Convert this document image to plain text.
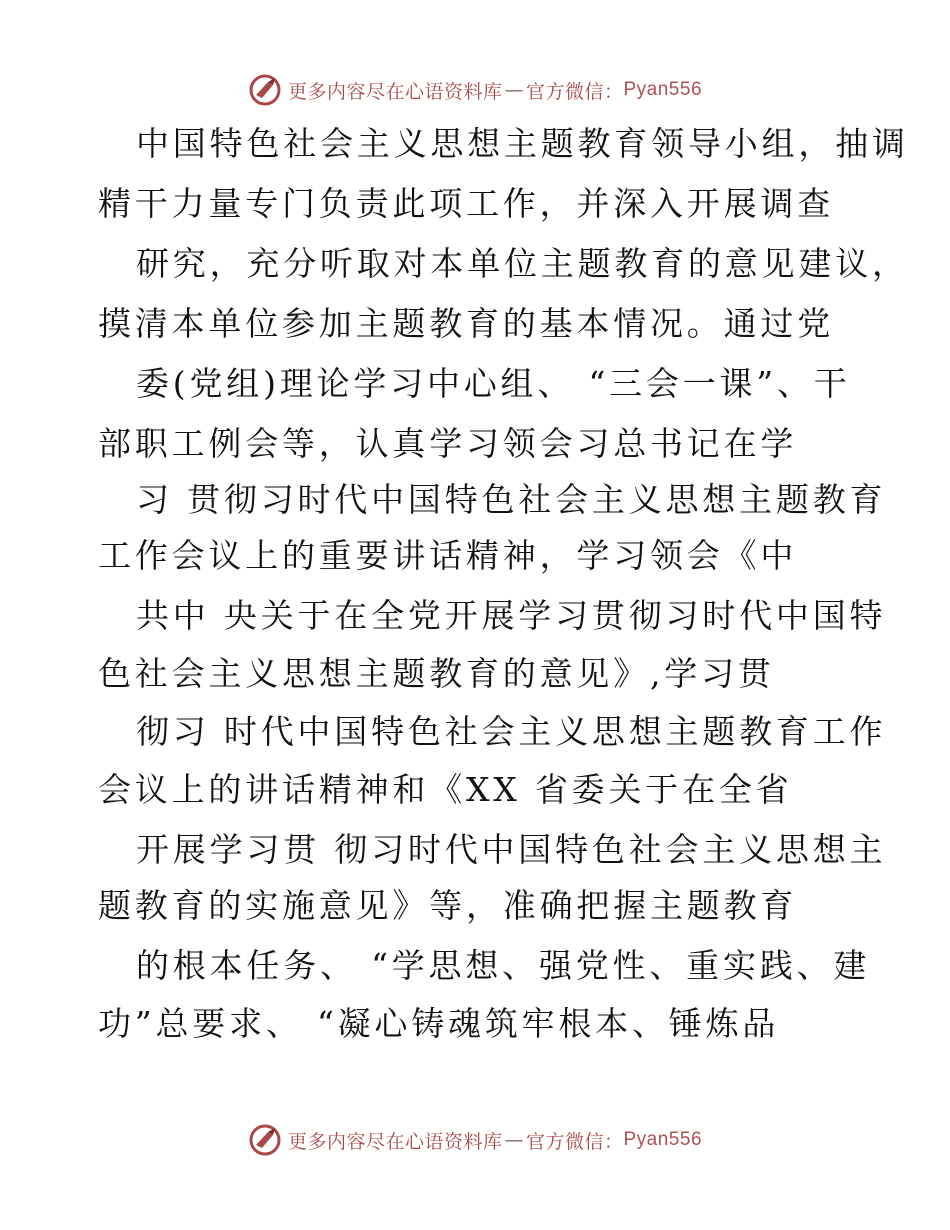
更多内容尽在心语资料库 — 官方微信： Pyan556
中国特色社会主义思想主题教育领导小组，抽调
精干力量专门负责此项工作，并深入开展调查
研究，充分听取对本单位主题教育的意见建议，
摸清本单位参加主题教育的基本情况。通过党
委(党组)理论学习中心组、 “三会一课”、干
部职工例会等，认真学习领会习总书记在学
习 贯彻习时代中国特色社会主义思想主题教育
工作会议上的重要讲话精神，学习领会《中
共中 央关于在全党开展学习贯彻习时代中国特
色社会主义思想主题教育的意见》,学习贯
彻习 时代中国特色社会主义思想主题教育工作
会议上的讲话精神和《XX 省委关于在全省
开展学习贯 彻习时代中国特色社会主义思想主
题教育的实施意见》等，准确把握主题教育
的根本任务、 “学思想、强党性、重实践、建
功”总要求、 “凝心铸魂筑牢根本、锤炼品
更多内容尽在心语资料库 — 官方微信： Pyan556
